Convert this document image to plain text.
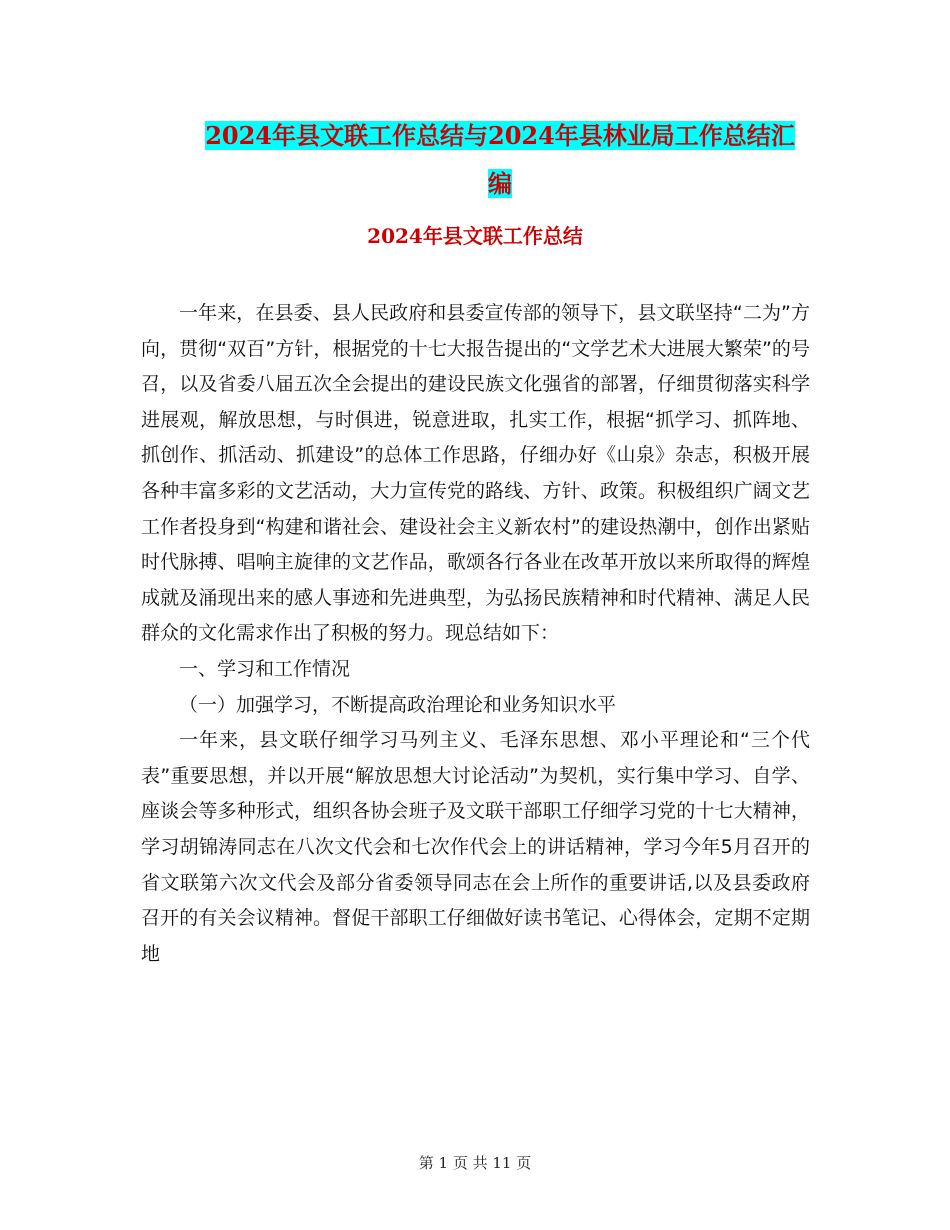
2024年县文联工作总结与2024年县林业局工作总结汇
编
2024年县文联工作总结

一年来，在县委、县人民政府和县委宣传部的领导下，县文联坚持“二为”方向，贯彻“双百”方针，根据党的十七大报告提出的“文学艺术大进展大繁荣”的号召，以及省委八届五次全会提出的建设民族文化强省的部署，仔细贯彻落实科学进展观，解放思想，与时俱进，锐意进取，扎实工作，根据“抓学习、抓阵地、抓创作、抓活动、抓建设”的总体工作思路，仔细办好《山泉》杂志，积极开展各种丰富多彩的文艺活动，大力宣传党的路线、方针、政策。积极组织广阔文艺工作者投身到“构建和谐社会、建设社会主义新农村”的建设热潮中，创作出紧贴时代脉搏、唱响主旋律的文艺作品，歌颂各行各业在改革开放以来所取得的辉煌成就及涌现出来的感人事迹和先进典型，为弘扬民族精神和时代精神、满足人民群众的文化需求作出了积极的努力。现总结如下：

一、学习和工作情况

（一）加强学习，不断提高政治理论和业务知识水平

一年来，县文联仔细学习马列主义、毛泽东思想、邓小平理论和“三个代表”重要思想，并以开展“解放思想大讨论活动”为契机，实行集中学习、自学、座谈会等多种形式，组织各协会班子及文联干部职工仔细学习党的十七大精神，学习胡锦涛同志在八次文代会和七次作代会上的讲话精神，学习今年5月召开的省文联第六次文代会及部分省委领导同志在会上所作的重要讲话,以及县委政府召开的有关会议精神。督促干部职工仔细做好读书笔记、心得体会，定期不定期地

第 1 页 共 11 页
